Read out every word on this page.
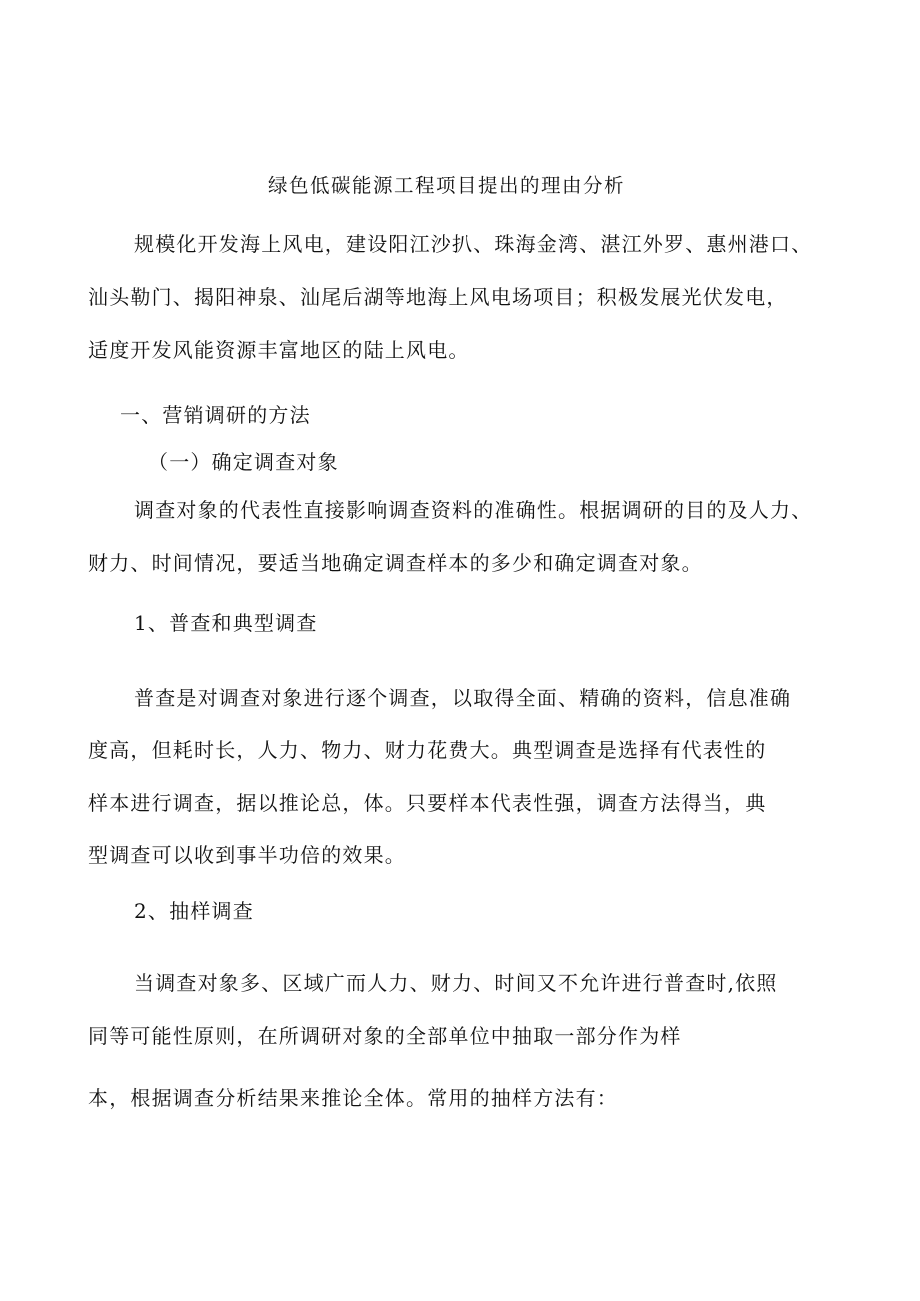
绿色低碳能源工程项目提出的理由分析
规模化开发海上风电，建设阳江沙扒、珠海金湾、湛江外罗、惠州港口、
汕头勒门、揭阳神泉、汕尾后湖等地海上风电场项目；积极发展光伏发电，
适度开发风能资源丰富地区的陆上风电。
一、营销调研的方法
（一）确定调查对象
调查对象的代表性直接影响调查资料的准确性。根据调研的目的及人力、
财力、时间情况，要适当地确定调查样本的多少和确定调查对象。
1、普查和典型调查
普查是对调查对象进行逐个调查，以取得全面、精确的资料，信息准确
度高，但耗时长，人力、物力、财力花费大。典型调查是选择有代表性的
样本进行调查，据以推论总，体。只要样本代表性强，调查方法得当，典
型调查可以收到事半功倍的效果。
2、抽样调查
当调查对象多、区域广而人力、财力、时间又不允许进行普查时,依照
同等可能性原则，在所调研对象的全部单位中抽取一部分作为样
本，根据调查分析结果来推论全体。常用的抽样方法有：
